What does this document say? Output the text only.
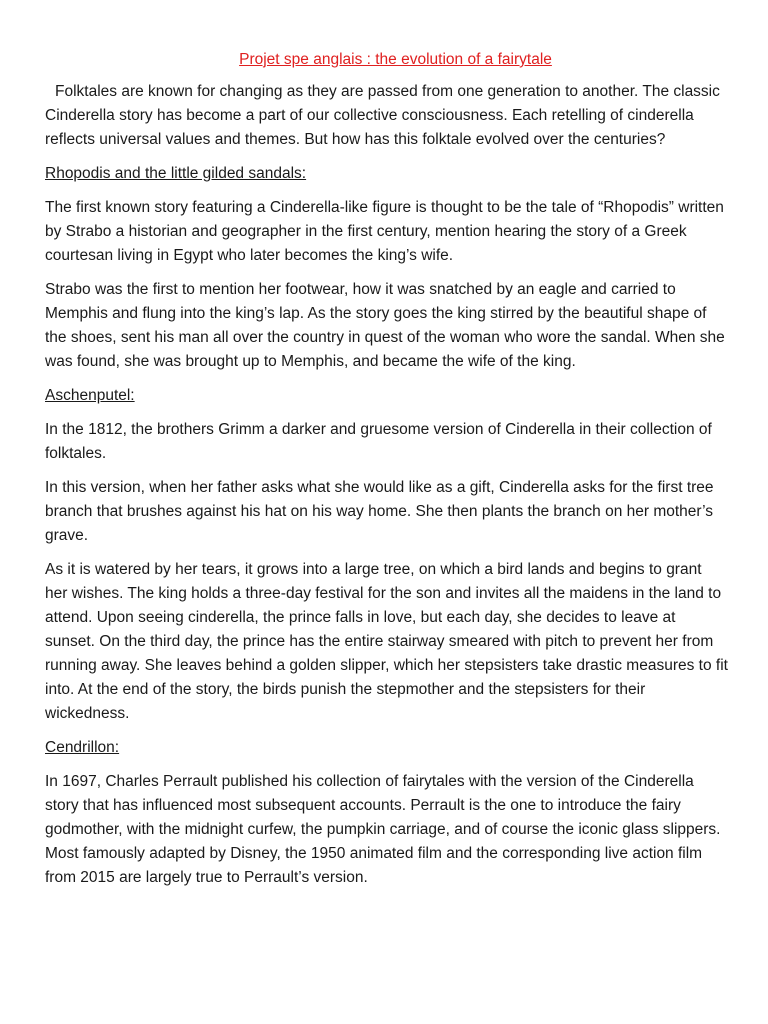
Projet spe anglais : the evolution of a fairytale

Folktales are known for changing as they are passed from one generation to another. The classic Cinderella story has become a part of our collective consciousness. Each retelling of cinderella reflects universal values and themes. But how has this folktale evolved over the centuries?

Rhopodis and the little gilded sandals:

The first known story featuring a Cinderella-like figure is thought to be the tale of “Rhopodis” written by Strabo a historian and geographer in the first century, mention hearing the story of a Greek courtesan living in Egypt who later becomes the king’s wife.

Strabo was the first to mention her footwear, how it was snatched by an eagle and carried to Memphis and flung into the king’s lap. As the story goes the king stirred by the beautiful shape of the shoes, sent his man all over the country in quest of the woman who wore the sandal. When she was found, she was brought up to Memphis, and became the wife of the king.

Aschenputel:

In the 1812, the brothers Grimm a darker and gruesome version of Cinderella in their collection of folktales.

In this version, when her father asks what she would like as a gift, Cinderella asks for the first tree branch that brushes against his hat on his way home. She then plants the branch on her mother’s grave.

As it is watered by her tears, it grows into a large tree, on which a bird lands and begins to grant her wishes. The king holds a three-day festival for the son and invites all the maidens in the land to attend. Upon seeing cinderella, the prince falls in love, but each day, she decides to leave at sunset. On the third day, the prince has the entire stairway smeared with pitch to prevent her from running away. She leaves behind a golden slipper, which her stepsisters take drastic measures to fit into. At the end of the story, the birds punish the stepmother and the stepsisters for their wickedness.

Cendrillon:

In 1697, Charles Perrault published his collection of fairytales with the version of the Cinderella story that has influenced most subsequent accounts. Perrault is the one to introduce the fairy godmother, with the midnight curfew, the pumpkin carriage, and of course the iconic glass slippers. Most famously adapted by Disney, the 1950 animated film and the corresponding live action film from 2015 are largely true to Perrault’s version.
